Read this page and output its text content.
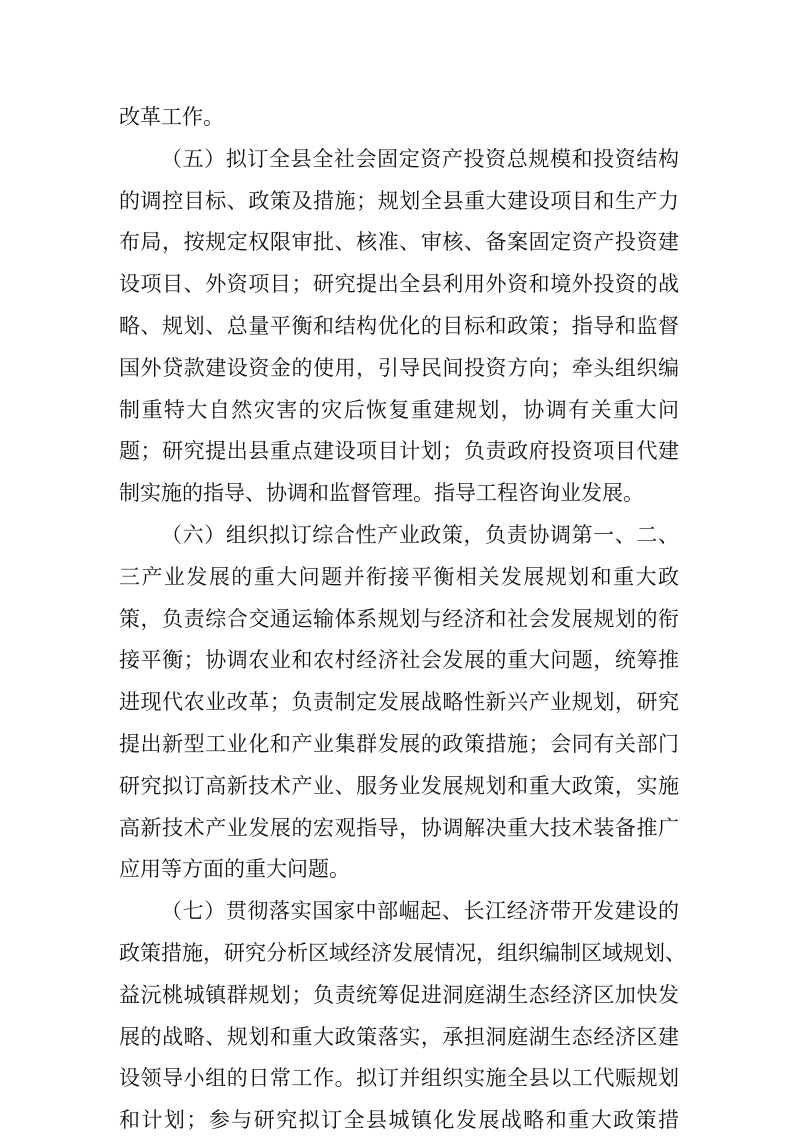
改革工作。
（五）拟订全县全社会固定资产投资总规模和投资结构
的调控目标、政策及措施；规划全县重大建设项目和生产力
布局，按规定权限审批、核准、审核、备案固定资产投资建
设项目、外资项目；研究提出全县利用外资和境外投资的战
略、规划、总量平衡和结构优化的目标和政策；指导和监督
国外贷款建设资金的使用，引导民间投资方向；牵头组织编
制重特大自然灾害的灾后恢复重建规划，协调有关重大问
题；研究提出县重点建设项目计划；负责政府投资项目代建
制实施的指导、协调和监督管理。指导工程咨询业发展。
（六）组织拟订综合性产业政策，负责协调第一、二、
三产业发展的重大问题并衔接平衡相关发展规划和重大政
策，负责综合交通运输体系规划与经济和社会发展规划的衔
接平衡；协调农业和农村经济社会发展的重大问题，统筹推
进现代农业改革；负责制定发展战略性新兴产业规划，研究
提出新型工业化和产业集群发展的政策措施；会同有关部门
研究拟订高新技术产业、服务业发展规划和重大政策，实施
高新技术产业发展的宏观指导，协调解决重大技术装备推广
应用等方面的重大问题。
（七）贯彻落实国家中部崛起、长江经济带开发建设的
政策措施，研究分析区域经济发展情况，组织编制区域规划、
益沅桃城镇群规划；负责统筹促进洞庭湖生态经济区加快发
展的战略、规划和重大政策落实，承担洞庭湖生态经济区建
设领导小组的日常工作。拟订并组织实施全县以工代赈规划
和计划；参与研究拟订全县城镇化发展战略和重大政策措
